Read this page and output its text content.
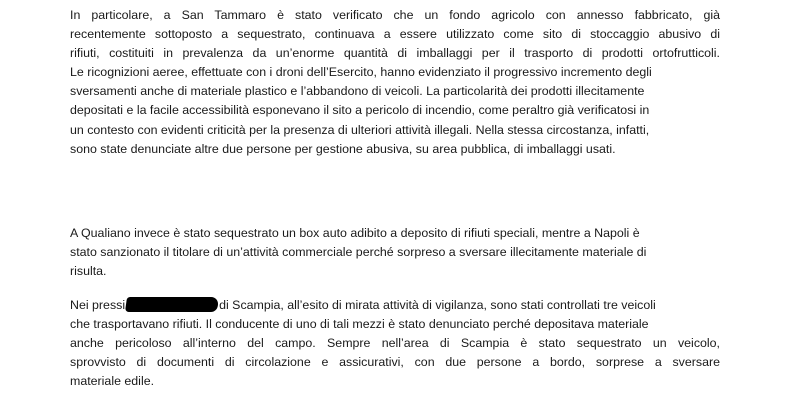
In particolare, a San Tammaro è stato verificato che un fondo agricolo con annesso fabbricato, già
recentemente sottoposto a sequestrato, continuava a essere utilizzato come sito di stoccaggio abusivo di
rifiuti, costituiti in prevalenza da un’enorme quantità di imballaggi per il trasporto di prodotti ortofrutticoli.
Le ricognizioni aeree, effettuate con i droni dell’Esercito, hanno evidenziato il progressivo incremento degli
sversamenti anche di materiale plastico e l’abbandono di veicoli. La particolarità dei prodotti illecitamente
depositati e la facile accessibilità esponevano il sito a pericolo di incendio, come peraltro già verificatosi in
un contesto con evidenti criticità per la presenza di ulteriori attività illegali. Nella stessa circostanza, infatti,
sono state denunciate altre due persone per gestione abusiva, su area pubblica, di imballaggi usati.

A Qualiano invece è stato sequestrato un box auto adibito a deposito di rifiuti speciali, mentre a Napoli è
stato sanzionato il titolare di un’attività commerciale perché sorpreso a sversare illecitamente materiale di
risulta.

Nei pressi	di Scampia, all’esito di mirata attività di vigilanza, sono stati controllati tre veicoli
che trasportavano rifiuti. Il conducente di uno di tali mezzi è stato denunciato perché depositava materiale
anche pericoloso all’interno del campo. Sempre nell’area di Scampia è stato sequestrato un veicolo,
sprovvisto di documenti di circolazione e assicurativi, con due persone a bordo, sorprese a sversare
materiale edile.
